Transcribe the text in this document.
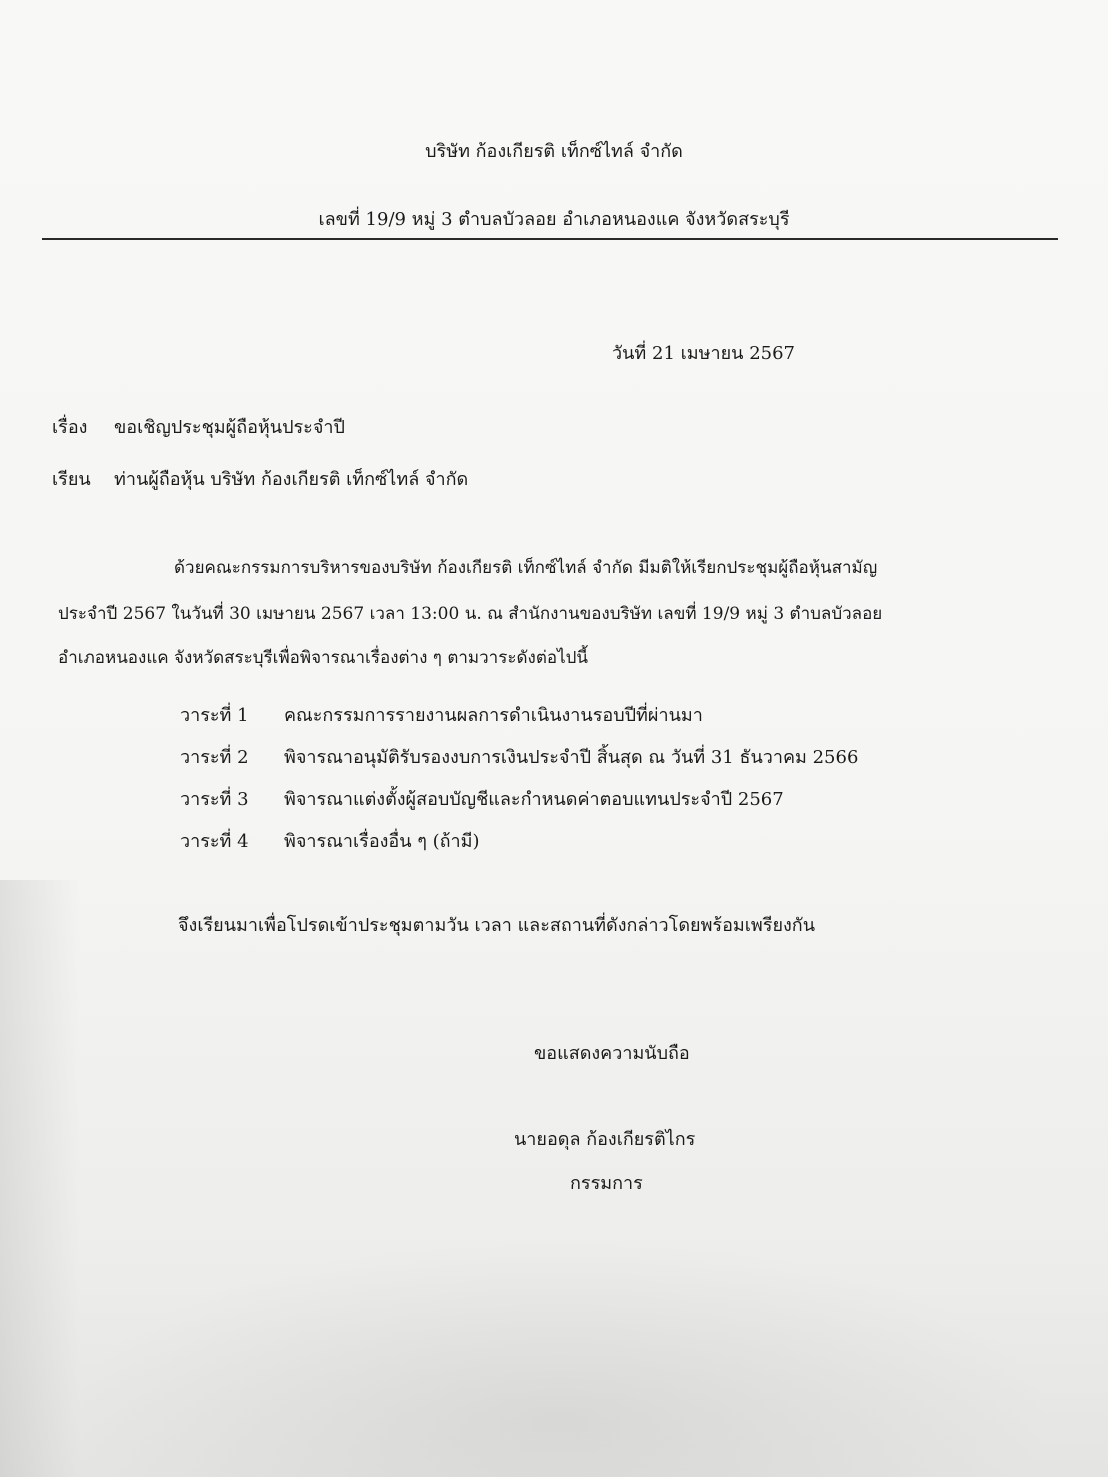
บริษัท ก้องเกียรติ เท็กซ์ไทล์ จำกัด
เลขที่ 19/9 หมู่ 3 ตำบลบัวลอย อำเภอหนองแค จังหวัดสระบุรี
วันที่ 21 เมษายน 2567
เรื่อง ขอเชิญประชุมผู้ถือหุ้นประจำปี
เรียน ท่านผู้ถือหุ้น บริษัท ก้องเกียรติ เท็กซ์ไทล์ จำกัด
ด้วยคณะกรรมการบริหารของบริษัท ก้องเกียรติ เท็กซ์ไทล์ จำกัด มีมติให้เรียกประชุมผู้ถือหุ้นสามัญ
ประจำปี 2567 ในวันที่ 30 เมษายน 2567 เวลา 13:00 น. ณ สำนักงานของบริษัท เลขที่ 19/9 หมู่ 3 ตำบลบัวลอย
อำเภอหนองแค จังหวัดสระบุรีเพื่อพิจารณาเรื่องต่าง ๆ ตามวาระดังต่อไปนี้
วาระที่ 1 คณะกรรมการรายงานผลการดำเนินงานรอบปีที่ผ่านมา
วาระที่ 2 พิจารณาอนุมัติรับรองงบการเงินประจำปี สิ้นสุด ณ วันที่ 31 ธันวาคม 2566
วาระที่ 3 พิจารณาแต่งตั้งผู้สอบบัญชีและกำหนดค่าตอบแทนประจำปี 2567
วาระที่ 4 พิจารณาเรื่องอื่น ๆ (ถ้ามี)
จึงเรียนมาเพื่อโปรดเข้าประชุมตามวัน เวลา และสถานที่ดังกล่าวโดยพร้อมเพรียงกัน
ขอแสดงความนับถือ
นายอดุล ก้องเกียรติไกร
กรรมการ
